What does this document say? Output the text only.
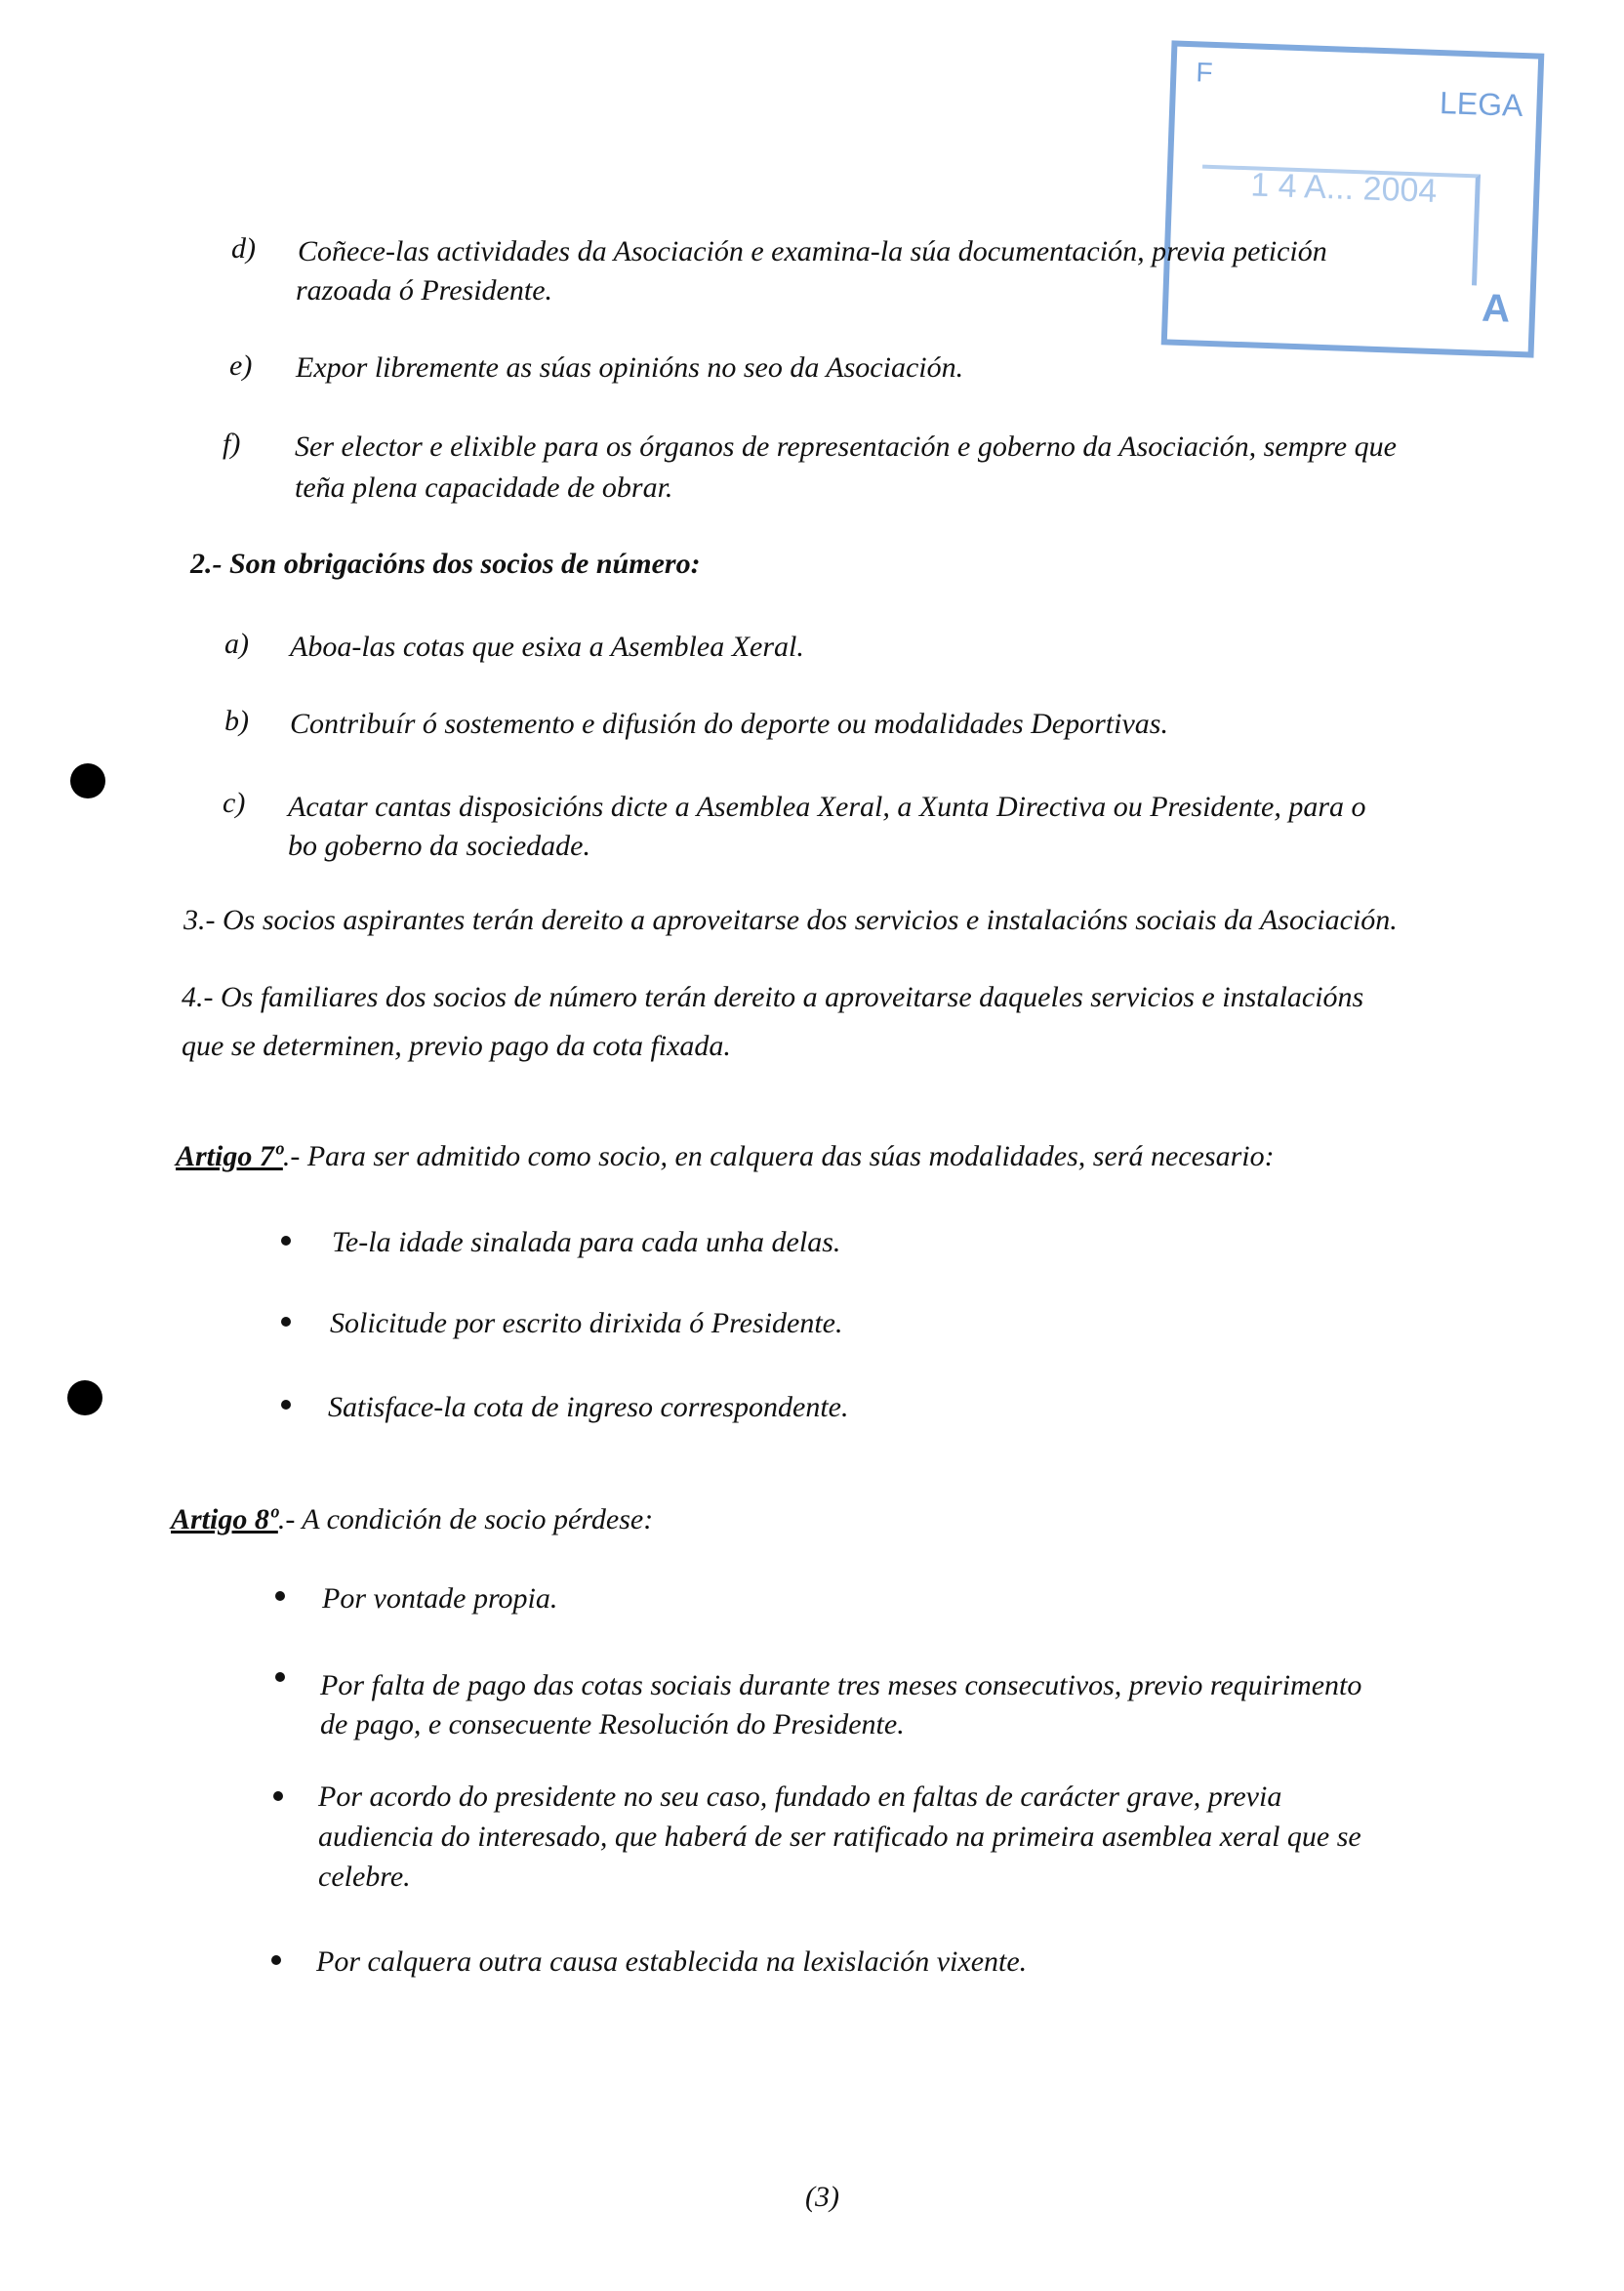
F
LEGA
1 4 A... 2004
A
d) Coñece-las actividades da Asociación e examina-la súa documentación, previa petición
razoada ó Presidente.
e) Expor libremente as súas opinións no seo da Asociación.
f) Ser elector e elixible para os órganos de representación e goberno da Asociación, sempre que
teña plena capacidade de obrar.
2.- Son obrigacións dos socios de número:
a) Aboa-las cotas que esixa a Asemblea Xeral.
b) Contribuír ó sostemento e difusión do deporte ou modalidades Deportivas.
c) Acatar cantas disposicións dicte a Asemblea Xeral, a Xunta Directiva ou Presidente, para o
bo goberno da sociedade.
3.- Os socios aspirantes terán dereito a aproveitarse dos servicios e instalacións sociais da Asociación.
4.- Os familiares dos socios de número terán dereito a aproveitarse daqueles servicios e instalacións
que se determinen, previo pago da cota fixada.
Artigo 7º.- Para ser admitido como socio, en calquera das súas modalidades, será necesario:
Te-la idade sinalada para cada unha delas.
Solicitude por escrito dirixida ó Presidente.
Satisface-la cota de ingreso correspondente.
Artigo 8º.- A condición de socio pérdese:
Por vontade propia.
Por falta de pago das cotas sociais durante tres meses consecutivos, previo requirimento
de pago, e consecuente Resolución do Presidente.
Por acordo do presidente no seu caso, fundado en faltas de carácter grave, previa
audiencia do interesado, que haberá de ser ratificado na primeira asemblea xeral que se
celebre.
Por calquera outra causa establecida na lexislación vixente.
(3)
